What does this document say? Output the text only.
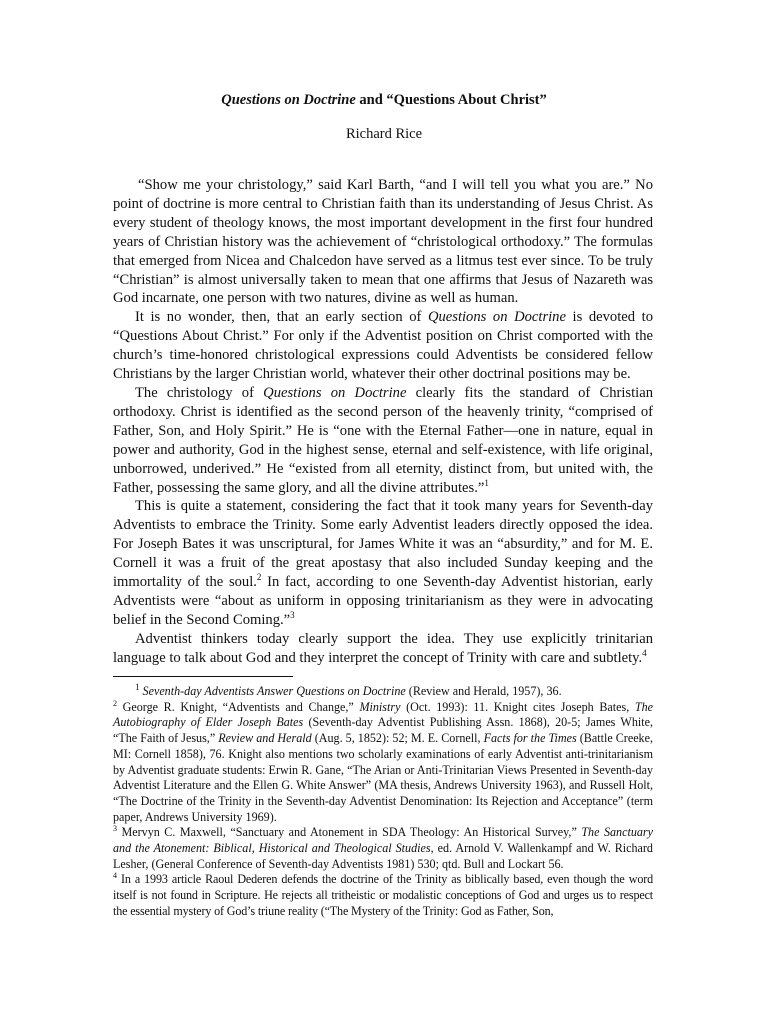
Questions on Doctrine and “Questions About Christ”
Richard Rice

“Show me your christology,” said Karl Barth, “and I will tell you what you are.” No point of doctrine is more central to Christian faith than its understanding of Jesus Christ. As every student of theology knows, the most important development in the first four hundred years of Christian history was the achievement of “christological orthodoxy.” The formulas that emerged from Nicea and Chalcedon have served as a litmus test ever since. To be truly “Christian” is almost universally taken to mean that one affirms that Jesus of Nazareth was God incarnate, one person with two natures, divine as well as human.

It is no wonder, then, that an early section of Questions on Doctrine is devoted to “Questions About Christ.” For only if the Adventist position on Christ comported with the church’s time-honored christological expressions could Adventists be considered fellow Christians by the larger Christian world, whatever their other doctrinal positions may be.

The christology of Questions on Doctrine clearly fits the standard of Christian orthodoxy. Christ is identified as the second person of the heavenly trinity, “comprised of Father, Son, and Holy Spirit.” He is “one with the Eternal Father—one in nature, equal in power and authority, God in the highest sense, eternal and self-existence, with life original, unborrowed, underived.” He “existed from all eternity, distinct from, but united with, the Father, possessing the same glory, and all the divine attributes.”$^1$

This is quite a statement, considering the fact that it took many years for Seventh-day Adventists to embrace the Trinity. Some early Adventist leaders directly opposed the idea. For Joseph Bates it was unscriptural, for James White it was an “absurdity,” and for M. E. Cornell it was a fruit of the great apostasy that also included Sunday keeping and the immortality of the soul.$^2$ In fact, according to one Seventh-day Adventist historian, early Adventists were “about as uniform in opposing trinitarianism as they were in advocating belief in the Second Coming.”$^3$

Adventist thinkers today clearly support the idea. They use explicitly trinitarian language to talk about God and they interpret the concept of Trinity with care and subtlety.$^4$

$^1$ Seventh-day Adventists Answer Questions on Doctrine (Review and Herald, 1957), 36.

$^2$ George R. Knight, “Adventists and Change,” Ministry (Oct. 1993): 11. Knight cites Joseph Bates, The Autobiography of Elder Joseph Bates (Seventh-day Adventist Publishing Assn. 1868), 20-5; James White, “The Faith of Jesus,” Review and Herald (Aug. 5, 1852): 52; M. E. Cornell, Facts for the Times (Battle Creeke, MI: Cornell 1858), 76. Knight also mentions two scholarly examinations of early Adventist anti-trinitarianism by Adventist graduate students: Erwin R. Gane, “The Arian or Anti-Trinitarian Views Presented in Seventh-day Adventist Literature and the Ellen G. White Answer” (MA thesis, Andrews University 1963), and Russell Holt, “The Doctrine of the Trinity in the Seventh-day Adventist Denomination: Its Rejection and Acceptance” (term paper, Andrews University 1969).

$^3$ Mervyn C. Maxwell, “Sanctuary and Atonement in SDA Theology: An Historical Survey,” The Sanctuary and the Atonement: Biblical, Historical and Theological Studies, ed. Arnold V. Wallenkampf and W. Richard Lesher, (General Conference of Seventh-day Adventists 1981) 530; qtd. Bull and Lockart 56.

$^4$ In a 1993 article Raoul Dederen defends the doctrine of the Trinity as biblically based, even though the word itself is not found in Scripture. He rejects all tritheistic or modalistic conceptions of God and urges us to respect the essential mystery of God’s triune reality (“The Mystery of the Trinity: God as Father, Son,
